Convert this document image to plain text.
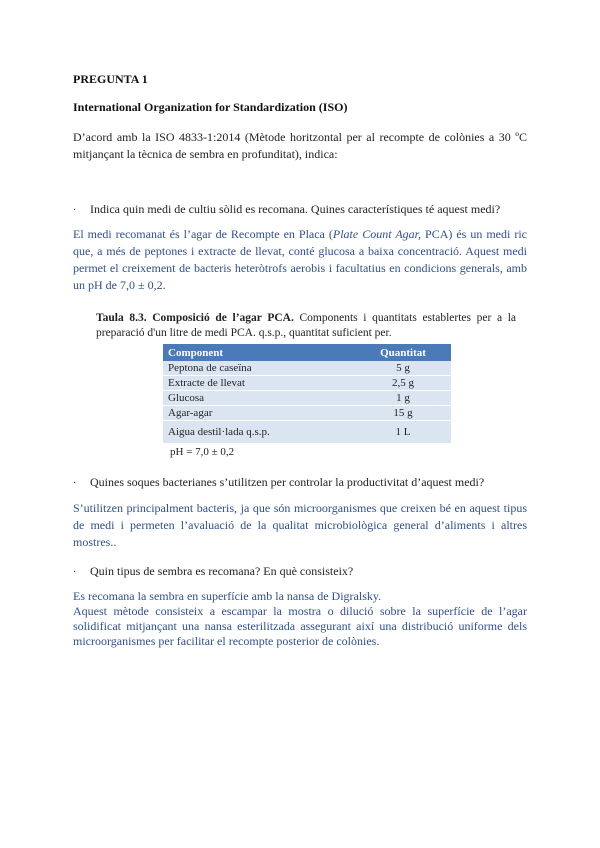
PREGUNTA 1
International Organization for Standardization (ISO)
D’acord amb la ISO 4833-1:2014 (Mètode horitzontal per al recompte de colònies a 30 ºC mitjançant la tècnica de sembra en profunditat), indica:
· Indica quin medi de cultiu sòlid es recomana. Quines característiques té aquest medi?
El medi recomanat és l’agar de Recompte en Placa (Plate Count Agar, PCA) és un medi ric que, a més de peptones i extracte de llevat, conté glucosa a baixa concentració. Aquest medi permet el creixement de bacteris heteròtrofs aerobis i facultatius en condicions generals, amb un pH de 7,0 ± 0,2.
Taula 8.3. Composició de l’agar PCA. Components i quantitats establertes per a la preparació d'un litre de medi PCA. q.s.p., quantitat suficient per.
Component	Quantitat
Peptona de caseïna	5 g
Extracte de llevat	2,5 g
Glucosa	1 g
Agar-agar	15 g
Aigua destil·lada q.s.p.	1 L
pH = 7,0 ± 0,2
· Quines soques bacterianes s’utilitzen per controlar la productivitat d’aquest medi?
S’utilitzen principalment bacteris, ja que són microorganismes que creixen bé en aquest tipus de medi i permeten l’avaluació de la qualitat microbiològica general d’aliments i altres mostres..
· Quin tipus de sembra es recomana? En què consisteix?
Es recomana la sembra en superfície amb la nansa de Digralsky.
Aquest mètode consisteix a escampar la mostra o dilució sobre la superfície de l’agar solidificat mitjançant una nansa esterilitzada assegurant així una distribució uniforme dels microorganismes per facilitar el recompte posterior de colònies.
